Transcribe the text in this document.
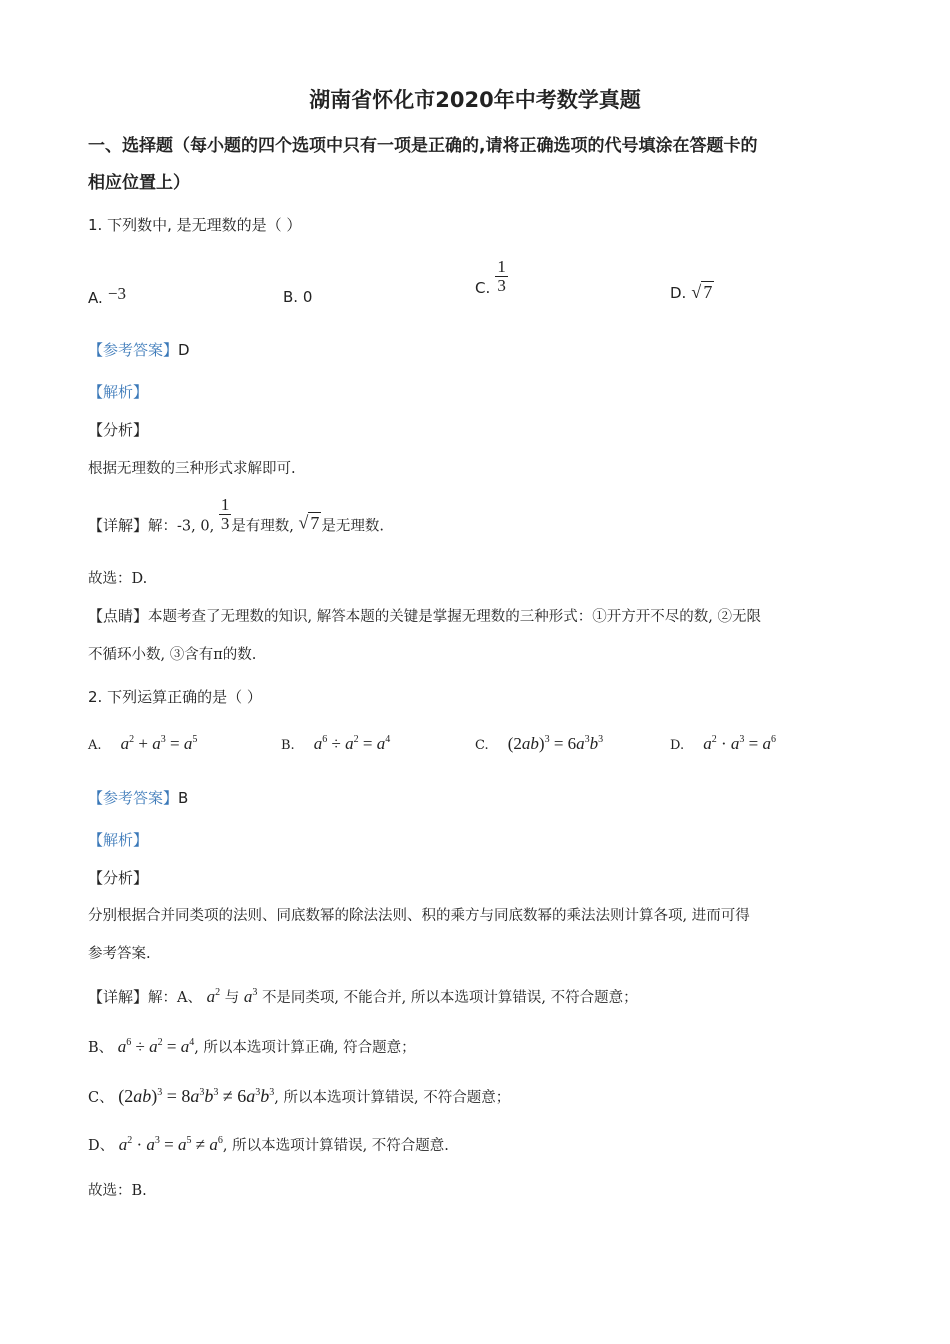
湖南省怀化市2020年中考数学真题
一、选择题（每小题的四个选项中只有一项是正确的,请将正确选项的代号填涂在答题卡的
相应位置上）
1. 下列数中, 是无理数的是（ ）
A. −3	B. 0	C. $\frac{1}{3}$	D. √ 7
【参考答案】D
【解析】
【分析】
根据无理数的三种形式求解即可.
【详解】解：-3, 0, $\frac{1}{3}$ 是有理数, √ 7 是无理数.
故选：D.
【点睛】本题考查了无理数的知识, 解答本题的关键是掌握无理数的三种形式：①开方开不尽的数, ②无限
不循环小数, ③含有π的数.
2. 下列运算正确的是（ ）
A. $a^2 + a^3 = a^5$	B. $a^6 \div a^2 = a^4$	C. $(2ab)^3 = 6a^3b^3$	D. $a^2 \cdot a^3 = a^6$
【参考答案】B
【解析】
【分析】
分别根据合并同类项的法则、同底数幂的除法法则、积的乘方与同底数幂的乘法法则计算各项, 进而可得
参考答案.
【详解】解：A、 $a^2$ 与 $a^3$ 不是同类项, 不能合并, 所以本选项计算错误, 不符合题意；
B、 $a^6 \div a^2 = a^4$, 所以本选项计算正确, 符合题意；
C、 $(2ab)^3 = 8a^3b^3 \ne 6a^3b^3$, 所以本选项计算错误, 不符合题意；
D、 $a^2 \cdot a^3 = a^5 \ne a^6$, 所以本选项计算错误, 不符合题意.
故选：B.
